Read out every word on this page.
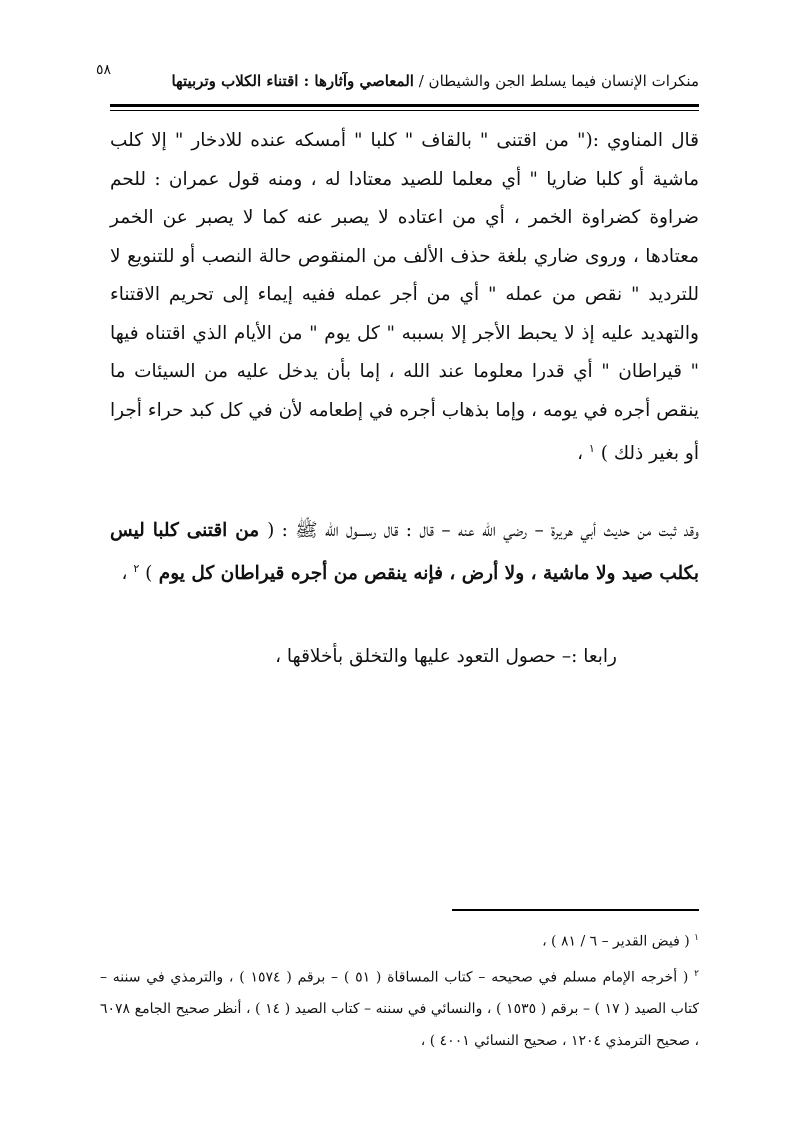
٥٨
منكرات الإنسان فيما يسلط الجن والشيطان / المعاصي وآثارها : اقتناء الكلاب وتربيتها

قال المناوي :(" من اقتنى " بالقاف " كلبا " أمسكه عنده للادخار " إلا كلب ماشية أو كلبا ضاريا " أي معلما للصيد معتادا له ، ومنه قول عمران : للحم ضراوة كضراوة الخمر ، أي من اعتاده لا يصبر عنه كما لا يصبر عن الخمر معتادها ، وروى ضاري بلغة حذف الألف من المنقوص حالة النصب أو للتنويع لا للترديد " نقص من عمله " أي من أجر عمله ففيه إيماء إلى تحريم الاقتناء والتهديد عليه إذ لا يحبط الأجر إلا بسببه " كل يوم " من الأيام الذي اقتناه فيها " قيراطان " أي قدرا معلوما عند الله ، إما بأن يدخل عليه من السيئات ما ينقص أجره في يومه ، وإما بذهاب أجره في إطعامه لأن في كل كبد حراء أجرا أو بغير ذلك ) $^١$ ،

وقد ثبت من حديث أبي هريرة – رضي الله عنه – قال : قال رســـول الله ﷺ : ( من اقتنى كلبا ليس بكلب صيد ولا ماشية ، ولا أرض ، فإنه ينقص من أجره قيراطان كل يوم ) $^٢$ ،

رابعا :– حصول التعود عليها والتخلق بأخلاقها ،

$^١$ ( فيض القدير – ٦ / ٨١ ) ،

$^٢$ ( أخرجه الإمام مسلم في صحيحه – كتاب المساقاة ( ٥١ ) – برقم ( ١٥٧٤ ) ، والترمذي في سننه – كتاب الصيد ( ١٧ ) – برقم ( ١٥٣٥ ) ، والنسائي في سننه – كتاب الصيد ( ١٤ ) ، أنظر صحيح الجامع ٦٠٧٨ ، صحيح الترمذي ١٢٠٤ ، صحيح النسائي ٤٠٠١ ) ،
